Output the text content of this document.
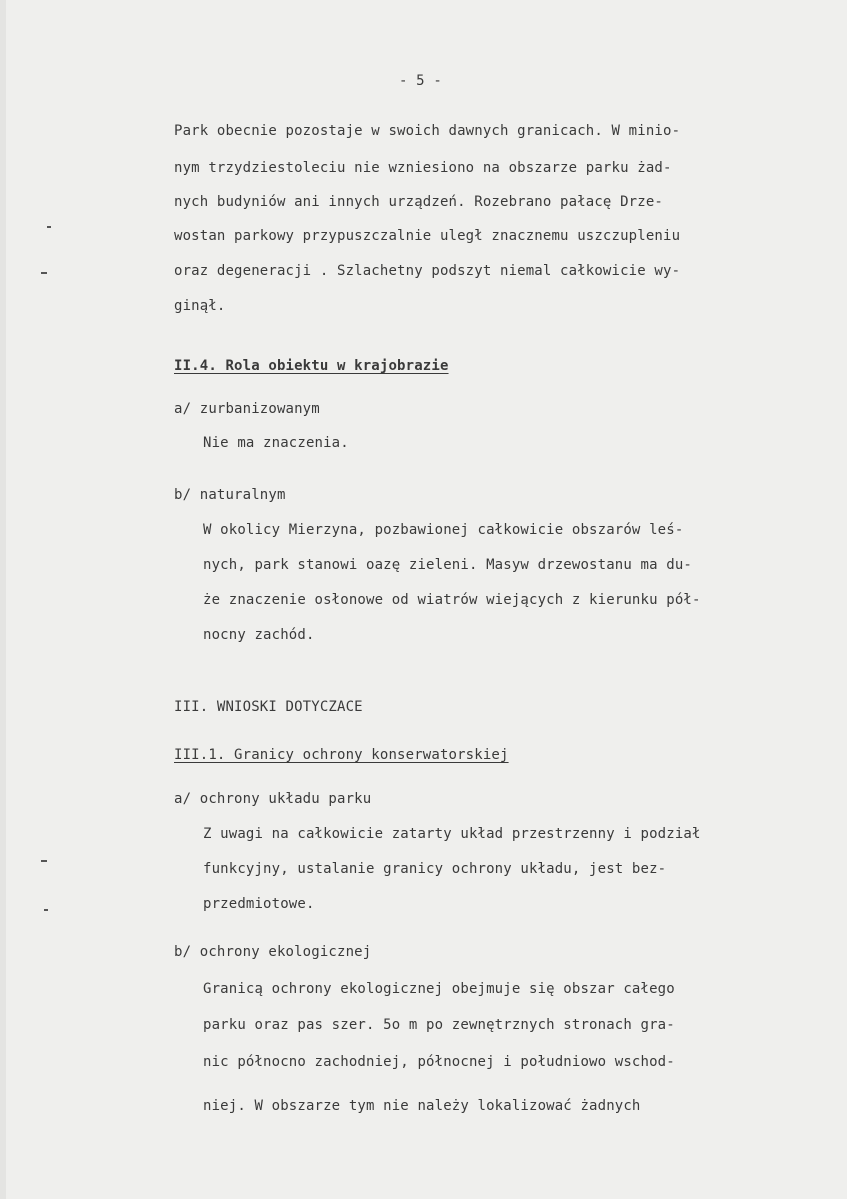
- 5 -
Park obecnie pozostaje w swoich dawnych granicach. W minio-
nym trzydziestoleciu nie wzniesiono na obszarze parku żad-
nych budyniów ani innych urządzeń. Rozebrano pałacę Drze-
wostan parkowy przypuszczalnie uległ znacznemu uszczupleniu
oraz degeneracji . Szlachetny podszyt niemal całkowicie wy-
ginął.
II.4. Rola obiektu w krajobrazie
a/ zurbanizowanym
Nie ma znaczenia.
b/ naturalnym
W okolicy Mierzyna, pozbawionej całkowicie obszarów leś-
nych, park stanowi oazę zieleni. Masyw drzewostanu ma du-
że znaczenie osłonowe od wiatrów wiejących z kierunku pół-
nocny zachód.
III. WNIOSKI DOTYCZACE
III.1. Granicy ochrony konserwatorskiej
a/ ochrony układu parku
Z uwagi na całkowicie zatarty układ przestrzenny i podział
funkcyjny, ustalanie granicy ochrony układu, jest bez-
przedmiotowe.
b/ ochrony ekologicznej
Granicą ochrony ekologicznej obejmuje się obszar całego
parku oraz pas szer. 5o m po zewnętrznych stronach gra-
nic północno zachodniej, północnej i południowo wschod-
niej. W obszarze tym nie należy lokalizować żadnych
